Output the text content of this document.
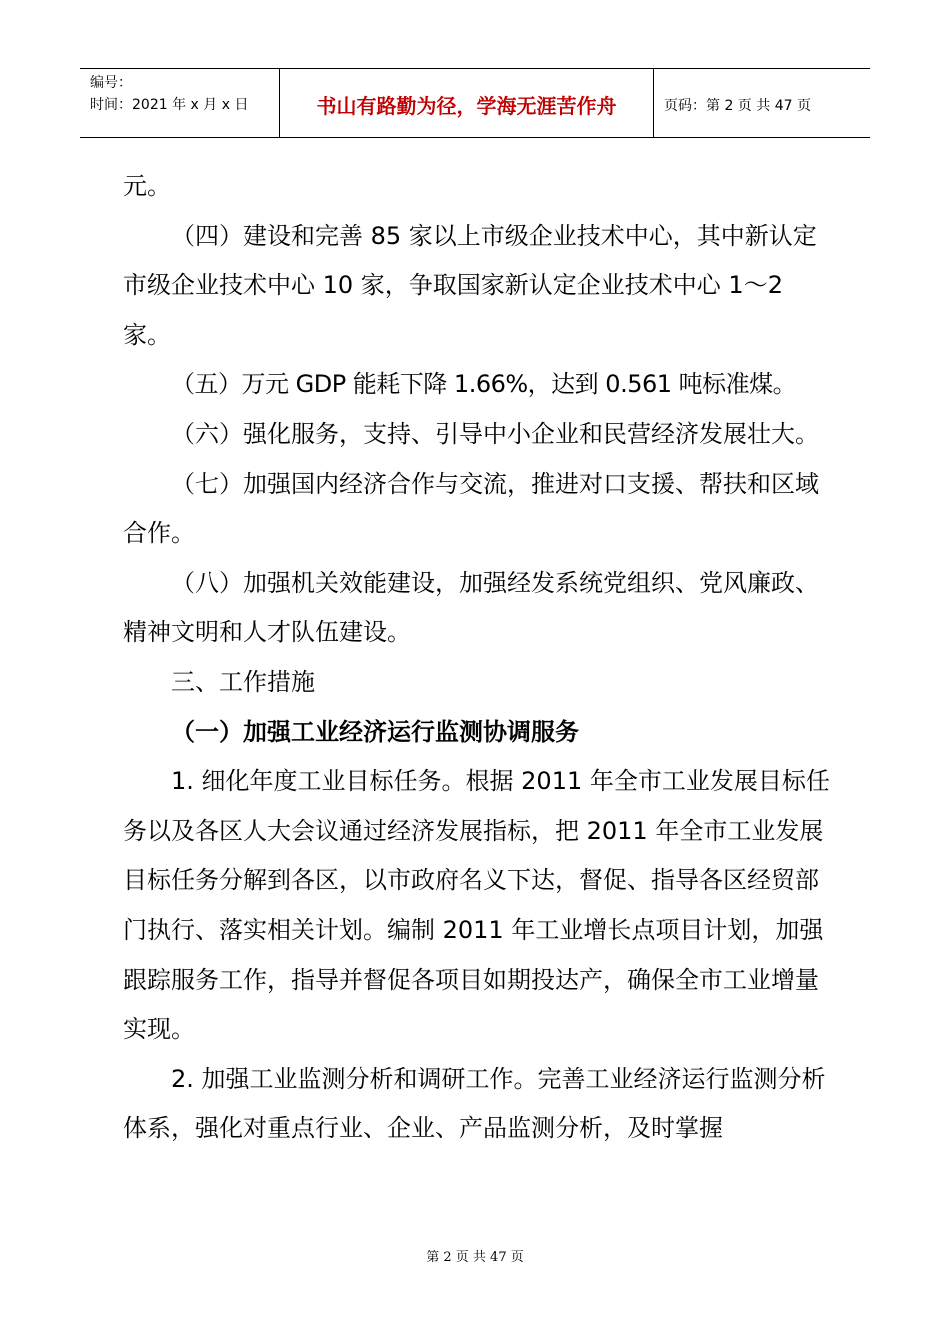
编号：
时间：2021 年 x 月 x 日	书山有路勤为径，学海无涯苦作舟	页码：第 2 页 共 47 页

元。

（四）建设和完善 85 家以上市级企业技术中心，其中新认定市级企业技术中心 10 家，争取国家新认定企业技术中心 1～2 家。

（五）万元 GDP 能耗下降 1.66%，达到 0.561 吨标准煤。

（六）强化服务，支持、引导中小企业和民营经济发展壮大。

（七）加强国内经济合作与交流，推进对口支援、帮扶和区域合作。

（八）加强机关效能建设，加强经发系统党组织、党风廉政、精神文明和人才队伍建设。

三、工作措施

（一）加强工业经济运行监测协调服务

1. 细化年度工业目标任务。根据 2011 年全市工业发展目标任务以及各区人大会议通过经济发展指标，把 2011 年全市工业发展目标任务分解到各区，以市政府名义下达，督促、指导各区经贸部门执行、落实相关计划。编制 2011 年工业增长点项目计划，加强跟踪服务工作，指导并督促各项目如期投达产，确保全市工业增量实现。

2. 加强工业监测分析和调研工作。完善工业经济运行监测分析体系，强化对重点行业、企业、产品监测分析，及时掌握

第 2 页 共 47 页
